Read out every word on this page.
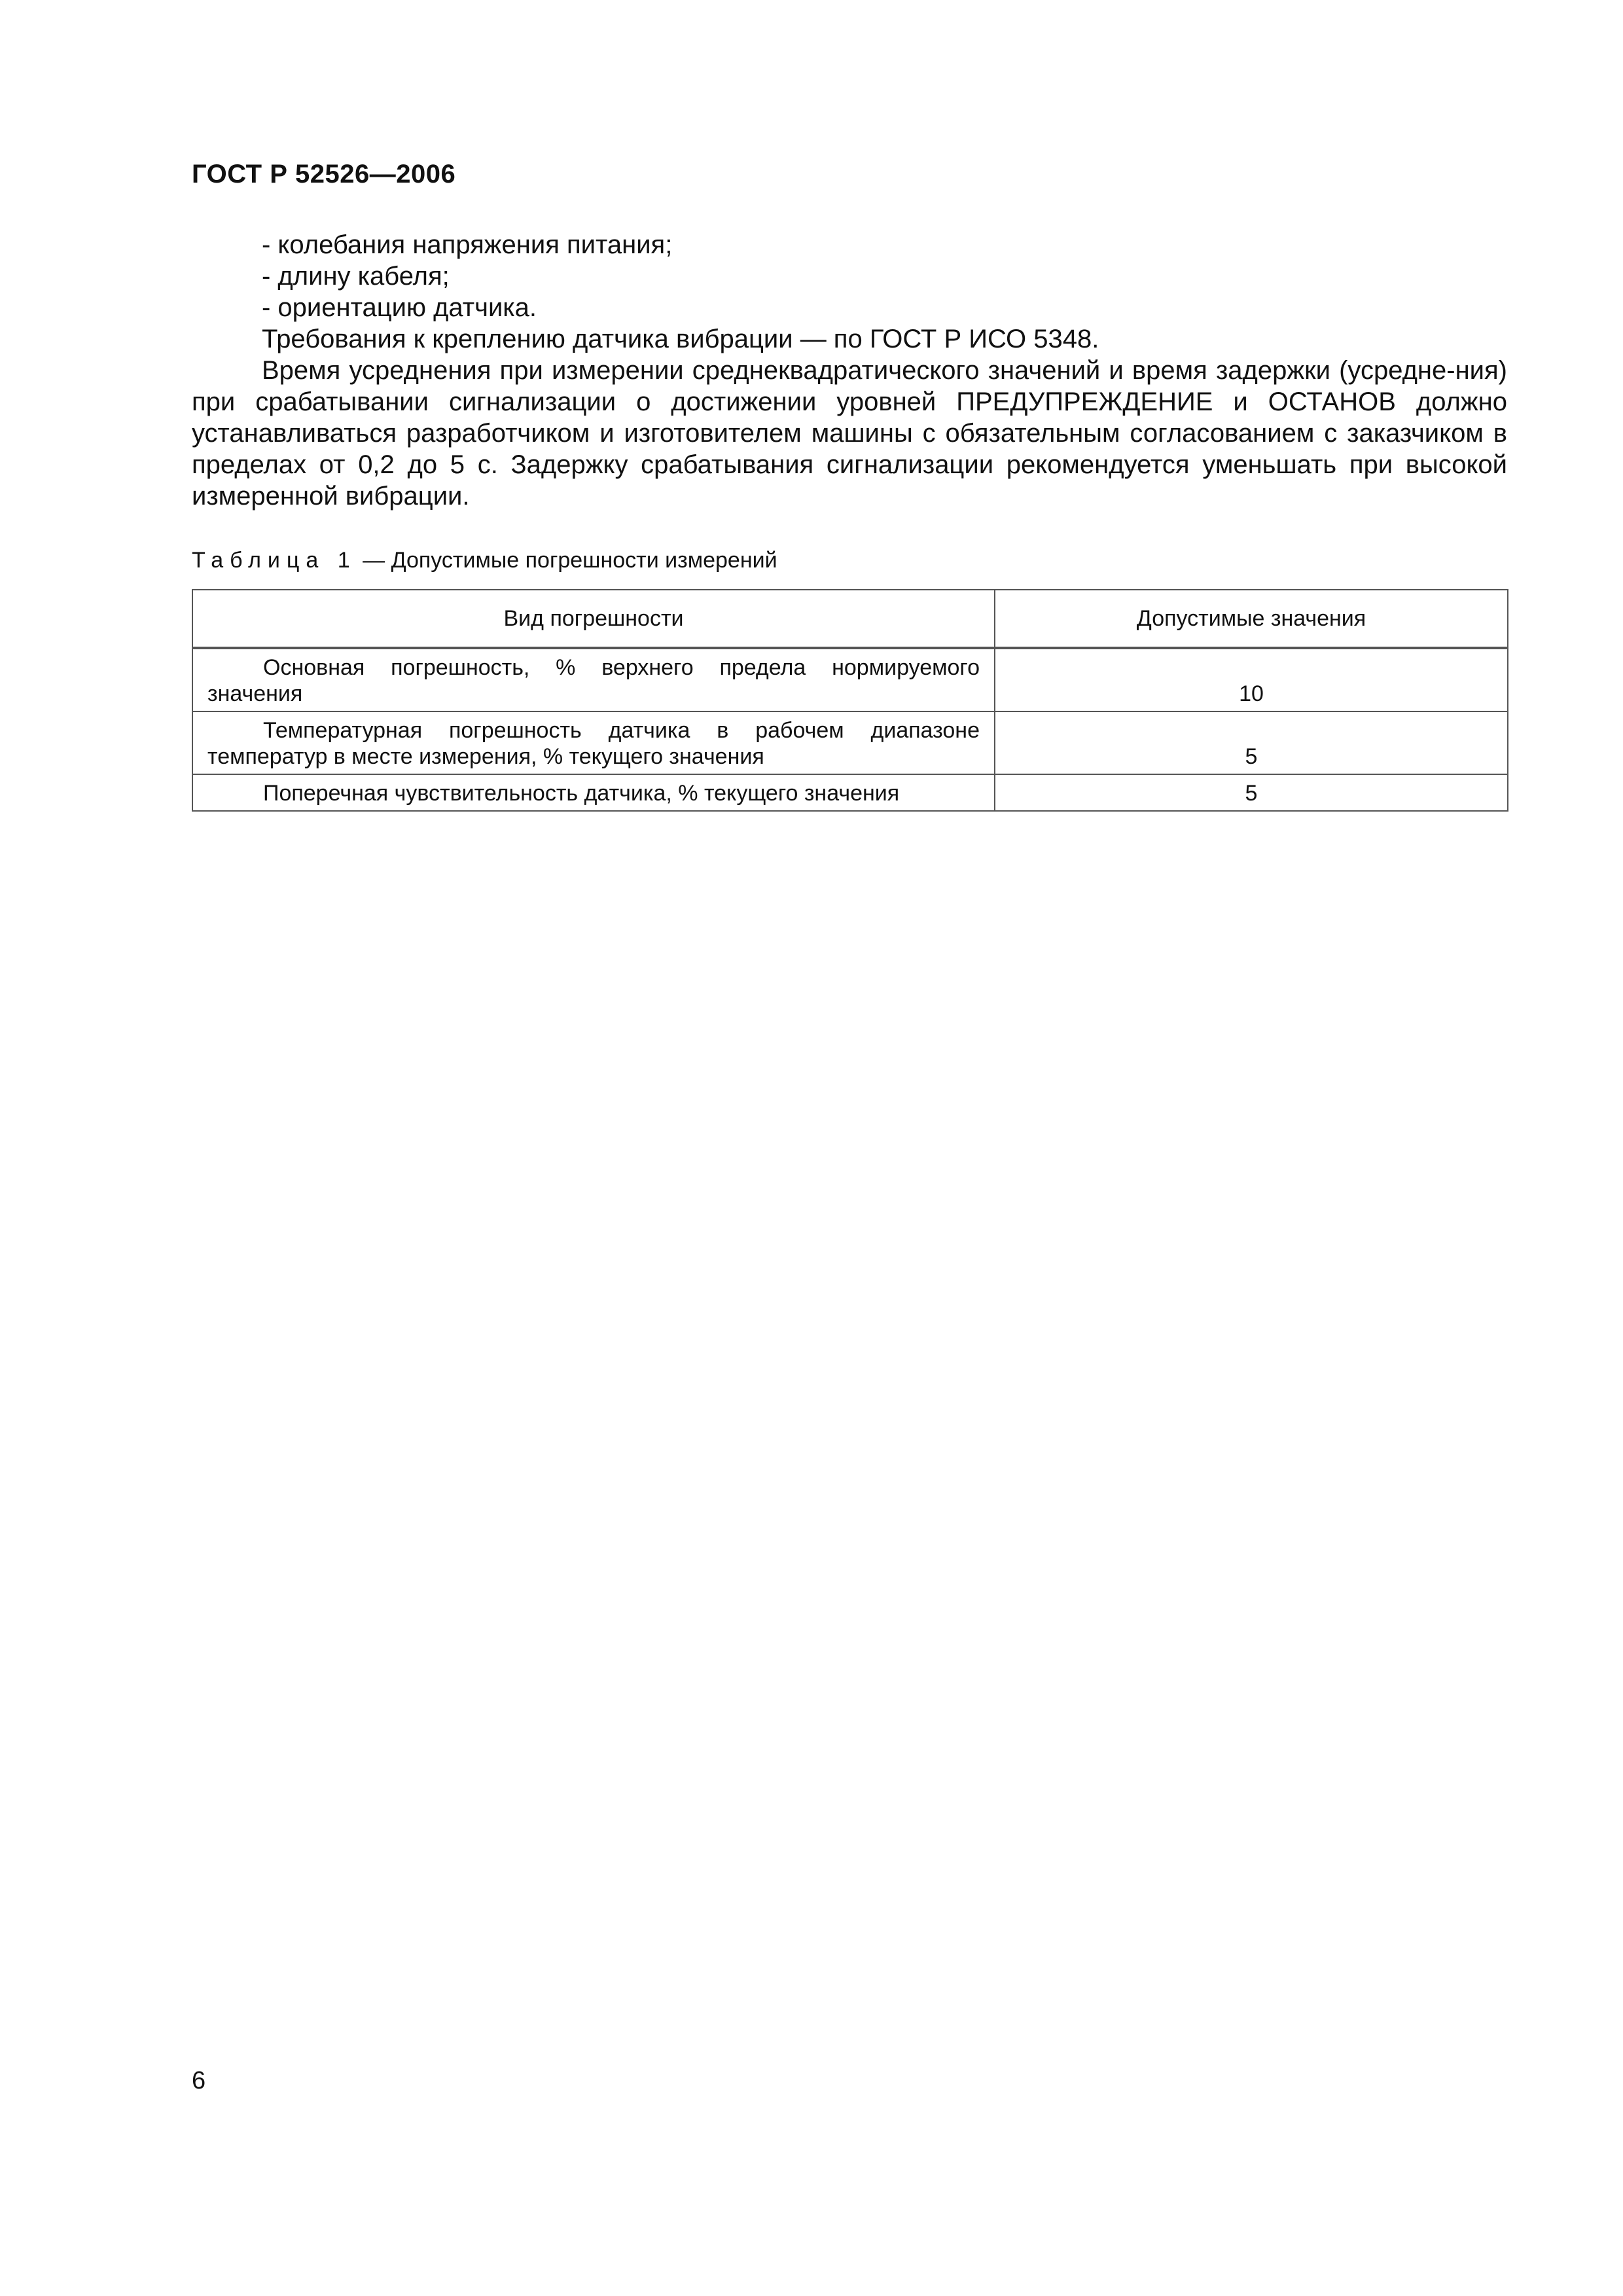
ГОСТ Р 52526—2006

- колебания напряжения питания;

- длину кабеля;

- ориентацию датчика.

Требования к креплению датчика вибрации — по ГОСТ Р ИСО 5348.

Время усреднения при измерении среднеквадратического значений и время задержки (усредне-ния) при срабатывании сигнализации о достижении уровней ПРЕДУПРЕЖДЕНИЕ и ОСТАНОВ должно устанавливаться разработчиком и изготовителем машины с обязательным согласованием с заказчиком в пределах от 0,2 до 5 с. Задержку срабатывания сигнализации рекомендуется уменьшать при высокой измеренной вибрации.

Таблица 1 — Допустимые погрешности измерений
Вид погрешности	Допустимые значения
Основная погрешность, % верхнего предела нормируемого значения	10
Температурная погрешность датчика в рабочем диапазоне температур в месте измерения, % текущего значения	5
Поперечная чувствительность датчика, % текущего значения	5
6
